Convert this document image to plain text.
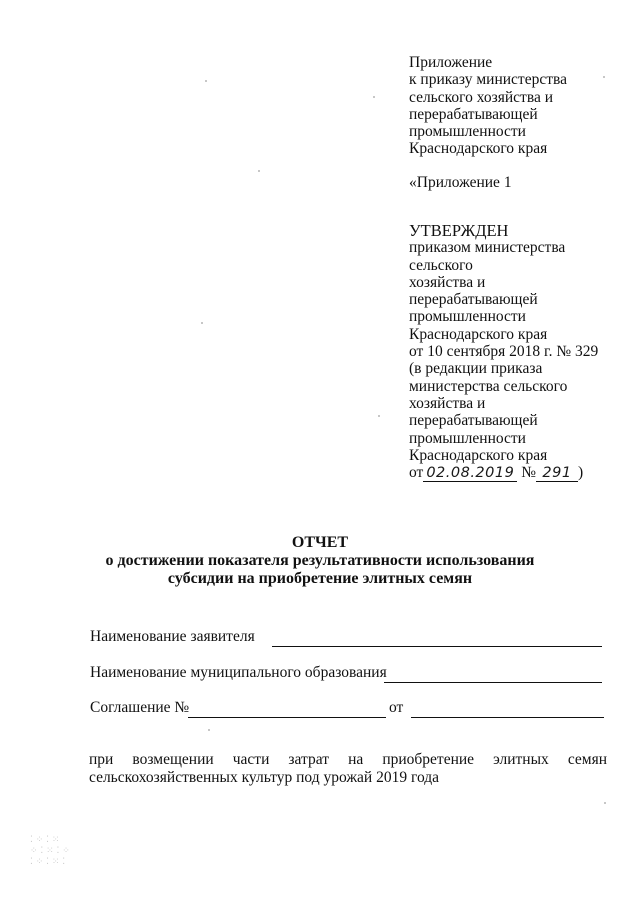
Приложение
к приказу министерства
сельского хозяйства и
перерабатывающей
промышленности
Краснодарского края
«Приложение 1
УТВЕРЖДЕН
приказом министерства
сельского
хозяйства и
перерабатывающей
промышленности
Краснодарского края
от 10 сентября 2018 г. № 329
(в редакции приказа
министерства сельского
хозяйства и
перерабатывающей
промышленности
Краснодарского края
от 02.08.2019 № 291 )
ОТЧЕТ
о достижении показателя результативности использования
субсидии на приобретение элитных семян
Наименование заявителя
Наименование муниципального образования
Соглашение №	от
при возмещении части затрат на приобретение элитных семян
сельскохозяйственных культур под урожай 2019 года
⁚ ⁘ ⁚ ⁙
⁘ ⁚ ⁙ ⁚ ⁘
⁚ ⁘ ⁚ ⁙ ⁚
